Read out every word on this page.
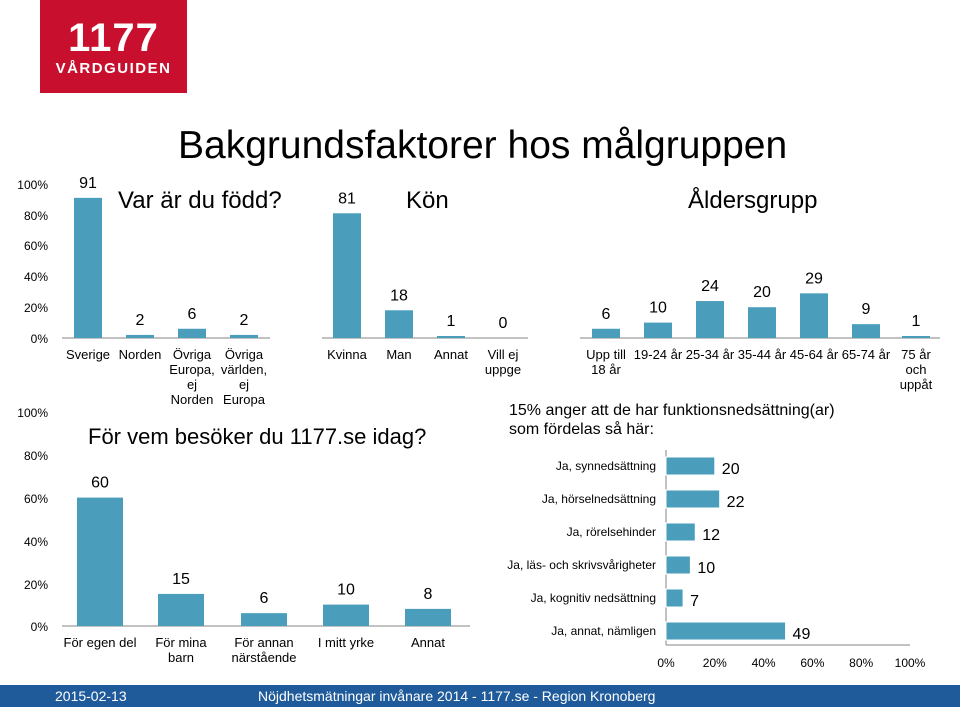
1177
VÅRDGUIDEN
Bakgrundsfaktorer hos målgruppen
0%
20%
40%
60%
80%
100%
Var är du född?
91
Sverige
2
Norden
6
Övriga
Europa,
ej
Norden
2
Övriga
världen,
ej
Europa
Kön
81
Kvinna
18
Man
1
Annat
0
Vill ej
uppge
Åldersgrupp
6
Upp till
18 år
10
19-24 år
24
25-34 år
20
35-44 år
29
45-64 år
9
65-74 år
1
75 år
och
uppåt
0%
20%
40%
60%
80%
100%
För vem besöker du 1177.se idag?
60
För egen del
15
För mina
barn
6
För annan
närstående
10
I mitt yrke
8
Annat
15% anger att de har funktionsnedsättning(ar)
som fördelas så här:
Ja, synnedsättning	20
Ja, hörselnedsättning	22
Ja, rörelsehinder	12
Ja, läs- och skrivsvårigheter	10
Ja, kognitiv nedsättning 7
Ja, annat, nämligen	49
0% 20% 40% 60% 80% 100%
2015-02-13	Nöjdhetsmätningar invånare 2014 - 1177.se - Region Kronoberg
